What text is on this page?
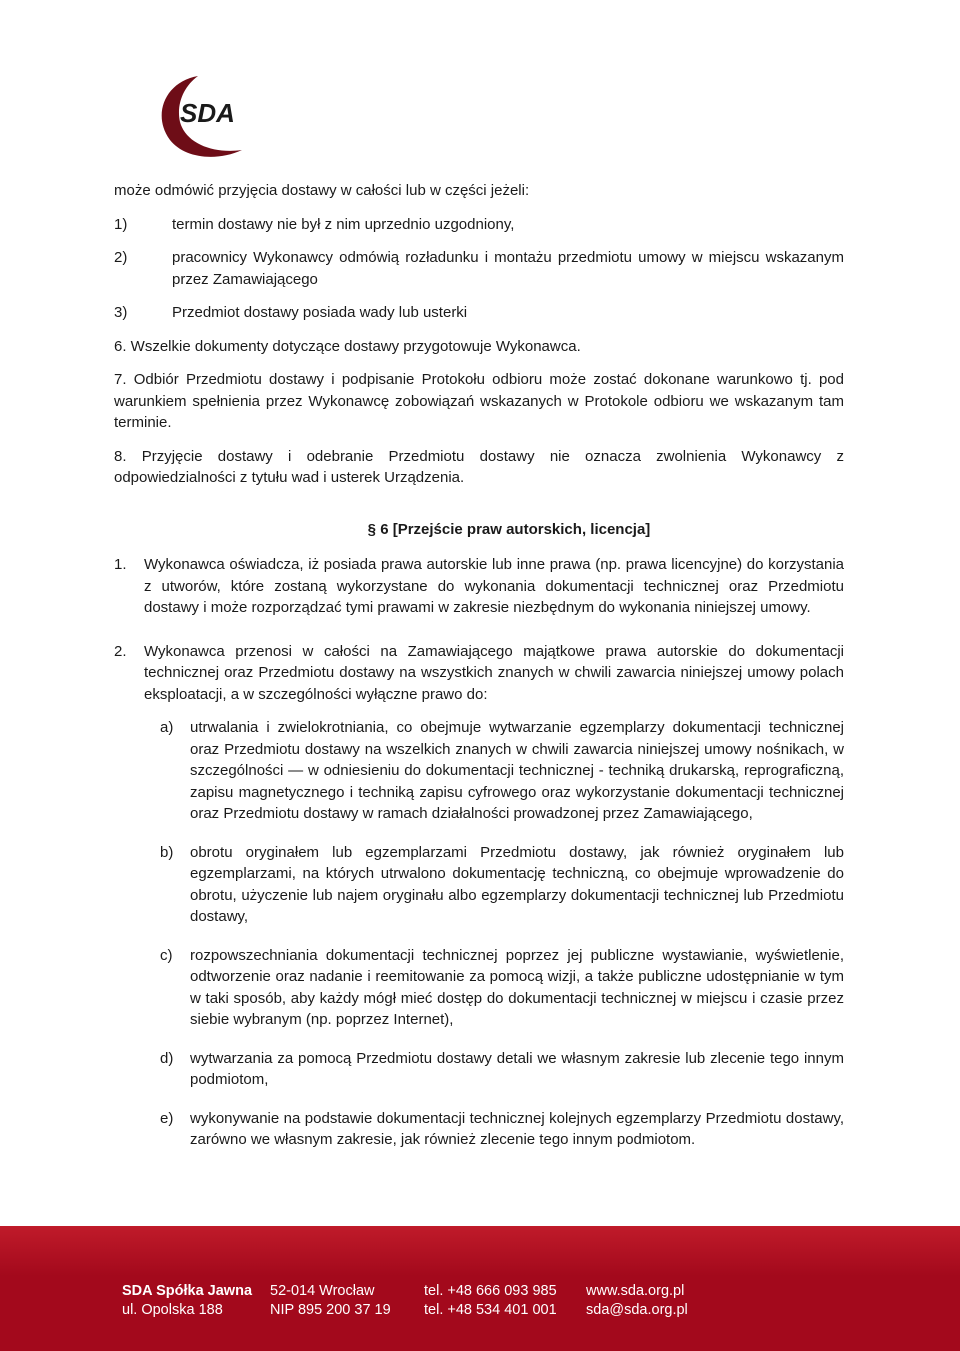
SDA

może odmówić przyjęcia dostawy w całości lub w części jeżeli:

1)	termin dostawy nie był z nim uprzednio uzgodniony,
2)	pracownicy Wykonawcy odmówią rozładunku i montażu przedmiotu umowy w miejscu wskazanym przez Zamawiającego
3)	Przedmiot dostawy posiada wady lub usterki

6. Wszelkie dokumenty dotyczące dostawy przygotowuje Wykonawca.

7. Odbiór Przedmiotu dostawy i podpisanie Protokołu odbioru może zostać dokonane warunkowo tj. pod warunkiem spełnienia przez Wykonawcę zobowiązań wskazanych w Protokole odbioru we wskazanym tam terminie.

8. Przyjęcie dostawy i odebranie Przedmiotu dostawy nie oznacza zwolnienia Wykonawcy z odpowiedzialności z tytułu wad i usterek Urządzenia.

§ 6 [Przejście praw autorskich, licencja]
1.	Wykonawca oświadcza, iż posiada prawa autorskie lub inne prawa (np. prawa licencyjne) do korzystania z utworów, które zostaną wykorzystane do wykonania dokumentacji technicznej oraz Przedmiotu dostawy i może rozporządzać tymi prawami w zakresie niezbędnym do wykonania niniejszej umowy.
2.	Wykonawca przenosi w całości na Zamawiającego majątkowe prawa autorskie do dokumentacji technicznej oraz Przedmiotu dostawy na wszystkich znanych w chwili zawarcia niniejszej umowy polach eksploatacji, a w szczególności wyłączne prawo do:
a)	utrwalania i zwielokrotniania, co obejmuje wytwarzanie egzemplarzy dokumentacji technicznej oraz Przedmiotu dostawy na wszelkich znanych w chwili zawarcia niniejszej umowy nośnikach, w szczególności — w odniesieniu do dokumentacji technicznej - techniką drukarską, reprograficzną, zapisu magnetycznego i techniką zapisu cyfrowego oraz wykorzystanie dokumentacji technicznej oraz Przedmiotu dostawy w ramach działalności prowadzonej przez Zamawiającego,
b)	obrotu oryginałem lub egzemplarzami Przedmiotu dostawy, jak również oryginałem lub egzemplarzami, na których utrwalono dokumentację techniczną, co obejmuje wprowadzenie do obrotu, użyczenie lub najem oryginału albo egzemplarzy dokumentacji technicznej lub Przedmiotu dostawy,
c)	rozpowszechniania dokumentacji technicznej poprzez jej publiczne wystawianie, wyświetlenie, odtworzenie oraz nadanie i reemitowanie za pomocą wizji, a także publiczne udostępnianie w tym w taki sposób, aby każdy mógł mieć dostęp do dokumentacji technicznej w miejscu i czasie przez siebie wybranym (np. poprzez Internet),
d)	wytwarzania za pomocą Przedmiotu dostawy detali we własnym zakresie lub zlecenie tego innym podmiotom,
e)	wykonywanie na podstawie dokumentacji technicznej kolejnych egzemplarzy Przedmiotu dostawy, zarówno we własnym zakresie, jak również zlecenie tego innym podmiotom.
SDA Spółka Jawna
ul. Opolska 188
52-014 Wrocław
NIP 895 200 37 19
tel. +48 666 093 985
tel. +48 534 401 001
www.sda.org.pl
sda@sda.org.pl
